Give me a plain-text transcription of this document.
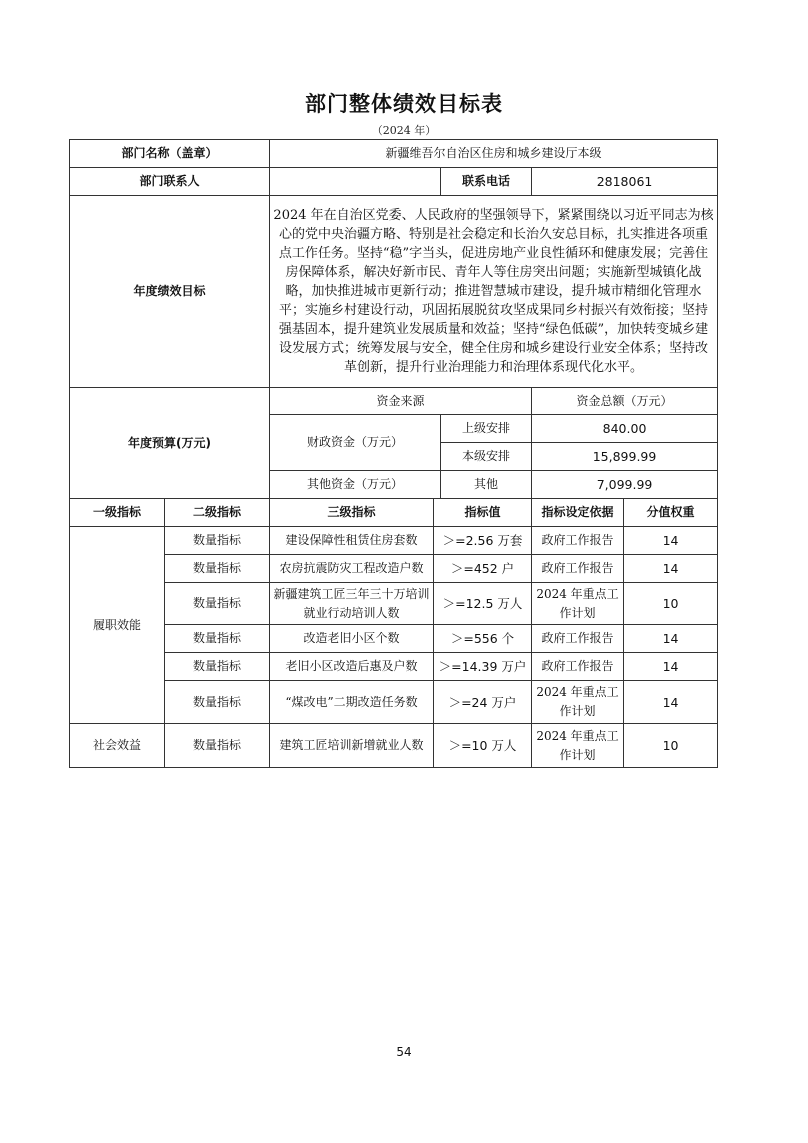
部门整体绩效目标表
（2024 年）
部门名称（盖章）		新疆维吾尔自治区住房和城乡建设厅本级				
部门联系人				联系电话	2818061	
年度绩效目标		2024 年在自治区党委、人民政府的坚强领导下，紧紧围绕以习近平同志为核心的党中央治疆方略、特别是社会稳定和长治久安总目标，扎实推进各项重点工作任务。坚持“稳”字当头，促进房地产业良性循环和健康发展；完善住房保障体系，解决好新市民、青年人等住房突出问题；实施新型城镇化战略，加快推进城市更新行动；推进智慧城市建设，提升城市精细化管理水平；实施乡村建设行动，巩固拓展脱贫攻坚成果同乡村振兴有效衔接；坚持强基固本，提升建筑业发展质量和效益；坚持“绿色低碳”，加快转变城乡建设发展方式；统筹发展与安全，健全住房和城乡建设行业安全体系；坚持改革创新，提升行业治理能力和治理体系现代化水平。				
年度预算(万元)		资金来源			资金总额（万元）	
		财政资金（万元）		上级安排	840.00	
				本级安排	15,899.99	
		其他资金（万元）		其他	7,099.99	
一级指标	二级指标	三级指标	指标值		指标设定依据	分值权重
履职效能	数量指标	建设保障性租赁住房套数	＞=2.56 万套		政府工作报告	14
	数量指标	农房抗震防灾工程改造户数	＞=452 户		政府工作报告	14
	数量指标	新疆建筑工匠三年三十万培训就业行动培训人数	＞=12.5 万人		2024 年重点工作计划	10
	数量指标	改造老旧小区个数	＞=556 个		政府工作报告	14
	数量指标	老旧小区改造后惠及户数	＞=14.39 万户		政府工作报告	14
	数量指标	“煤改电”二期改造任务数	＞=24 万户		2024 年重点工作计划	14
社会效益	数量指标	建筑工匠培训新增就业人数	＞=10 万人		2024 年重点工作计划	10
54
